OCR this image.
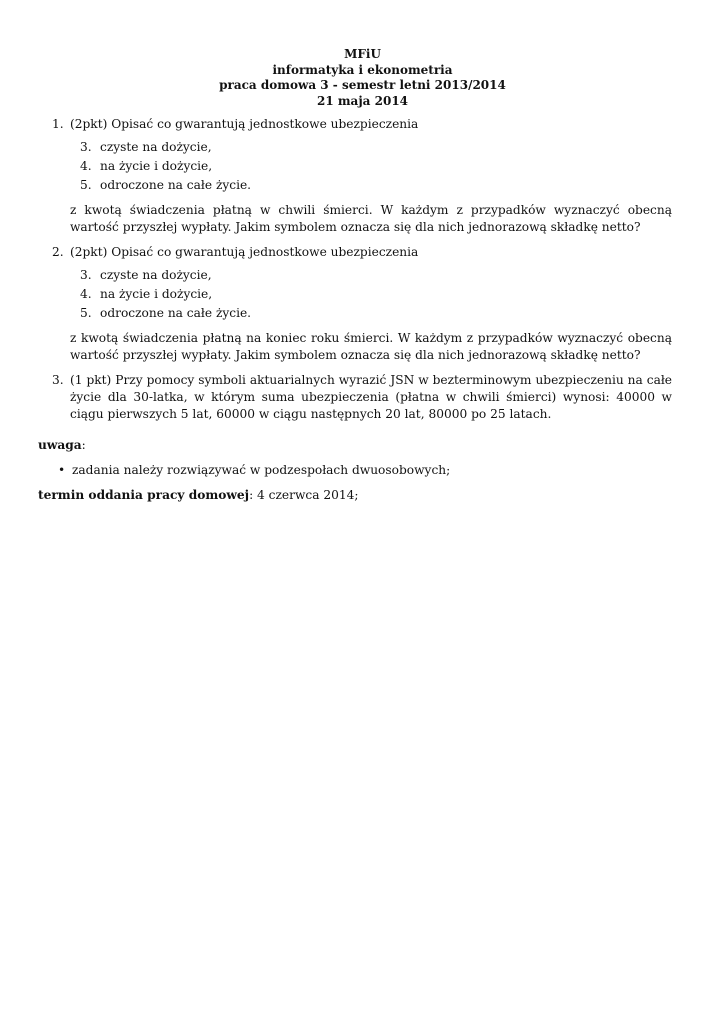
MFiU
informatyka i ekonometria
praca domowa 3 - semestr letni 2013/2014
21 maja 2014
1. (2pkt) Opisać co gwarantują jednostkowe ubezpieczenia

3. czyste na dożycie,
4. na życie i dożycie,
5. odroczone na całe życie.

z kwotą świadczenia płatną w chwili śmierci. W każdym z przypadków wyznaczyć obecną wartość przyszłej wypłaty. Jakim symbolem oznacza się dla nich jednorazową składkę netto?

2. (2pkt) Opisać co gwarantują jednostkowe ubezpieczenia

3. czyste na dożycie,
4. na życie i dożycie,
5. odroczone na całe życie.

z kwotą świadczenia płatną na koniec roku śmierci. W każdym z przypadków wyznaczyć obecną wartość przyszłej wypłaty. Jakim symbolem oznacza się dla nich jednorazową składkę netto?

3. (1 pkt) Przy pomocy symboli aktuarialnych wyrazić JSN w bezterminowym ubezpieczeniu na całe życie dla 30-latka, w którym suma ubezpieczenia (płatna w chwili śmierci) wynosi: 40000 w ciągu pierwszych 5 lat, 60000 w ciągu następnych 20 lat, 80000 po 25 latach.

uwaga:
• zadania należy rozwiązywać w podzespołach dwuosobowych;
termin oddania pracy domowej: 4 czerwca 2014;
